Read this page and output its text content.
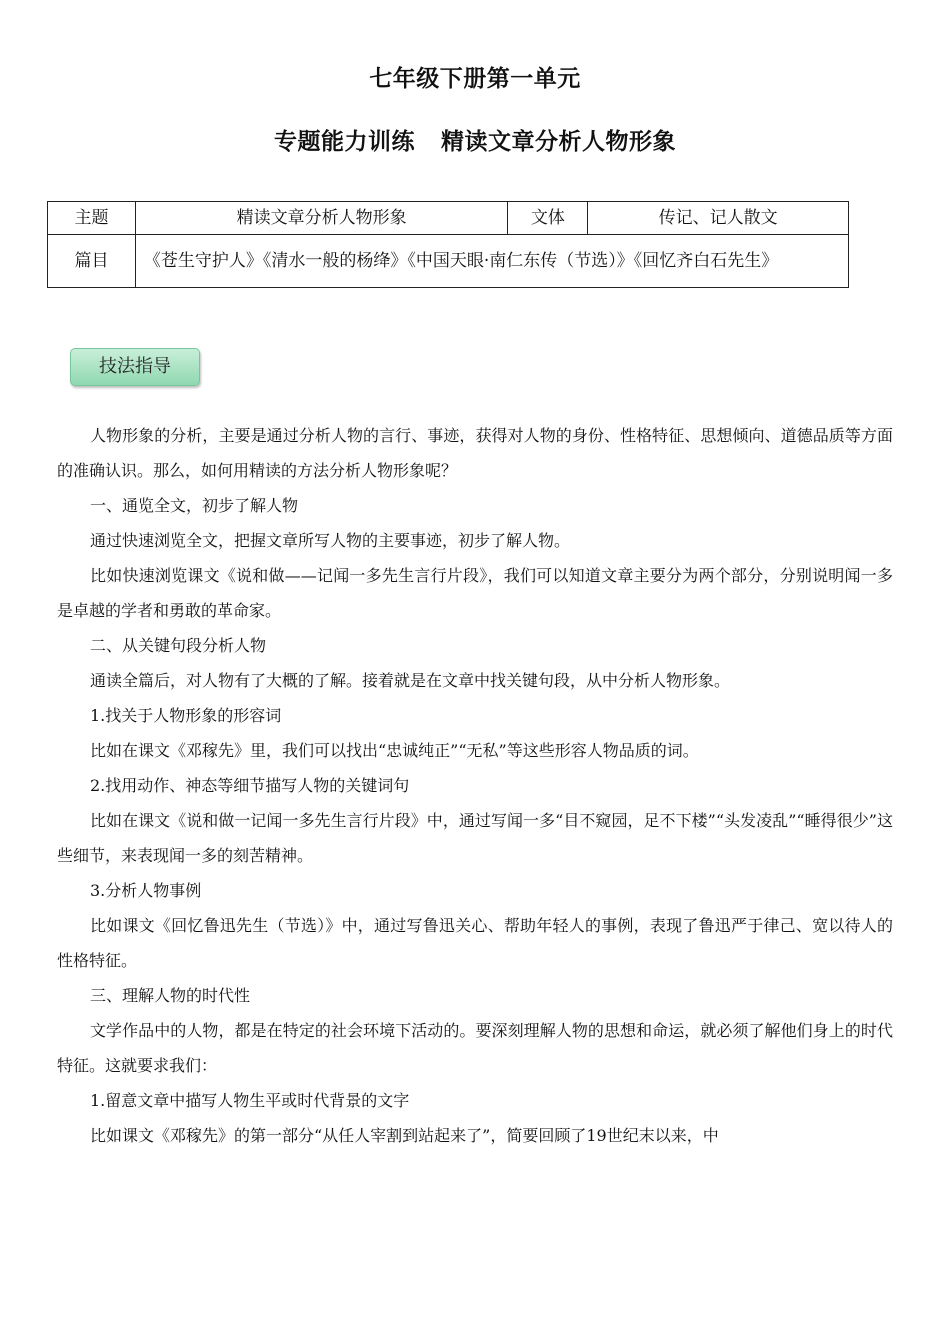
七年级下册第一单元
专题能力训练 精读文章分析人物形象
主题	精读文章分析人物形象	文体	传记、记人散文
篇目	《苍生守护人》《清水一般的杨绛》《中国天眼·南仁东传（节选）》《回忆齐白石先生》		
技法指导

人物形象的分析，主要是通过分析人物的言行、事迹，获得对人物的身份、性格特征、思想倾向、道德品质等方面的准确认识。那么，如何用精读的方法分析人物形象呢？

一、通览全文，初步了解人物

通过快速浏览全文，把握文章所写人物的主要事迹，初步了解人物。

比如快速浏览课文《说和做——记闻一多先生言行片段》，我们可以知道文章主要分为两个部分，分别说明闻一多是卓越的学者和勇敢的革命家。

二、从关键句段分析人物

通读全篇后，对人物有了大概的了解。接着就是在文章中找关键句段，从中分析人物形象。

1.找关于人物形象的形容词

比如在课文《邓稼先》里，我们可以找出“忠诚纯正”“无私”等这些形容人物品质的词。

2.找用动作、神态等细节描写人物的关键词句

比如在课文《说和做一记闻一多先生言行片段》中，通过写闻一多“目不窥园，足不下楼”“头发凌乱”“睡得很少”这些细节，来表现闻一多的刻苦精神。

3.分析人物事例

比如课文《回忆鲁迅先生（节选）》中，通过写鲁迅关心、帮助年轻人的事例，表现了鲁迅严于律己、宽以待人的性格特征。

三、理解人物的时代性

文学作品中的人物，都是在特定的社会环境下活动的。要深刻理解人物的思想和命运，就必须了解他们身上的时代特征。这就要求我们：

1.留意文章中描写人物生平或时代背景的文字

比如课文《邓稼先》的第一部分“从任人宰割到站起来了”，简要回顾了19世纪末以来，中
